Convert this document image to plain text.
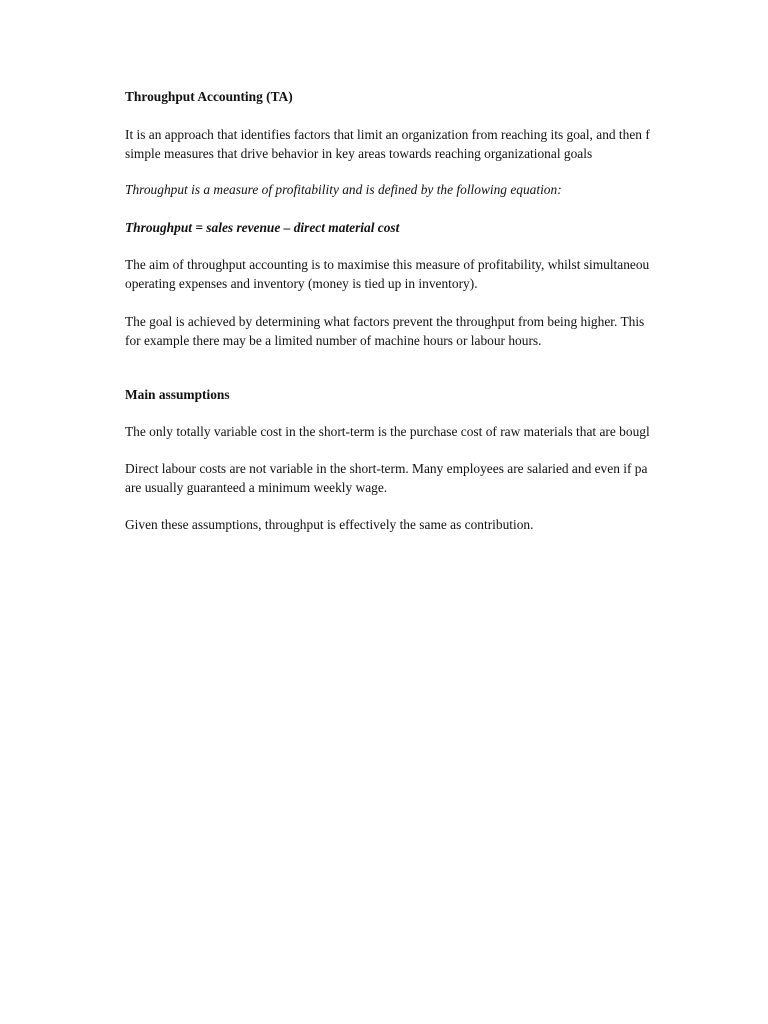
Throughput Accounting (TA)
It is an approach that identifies factors that limit an organization from reaching its goal, and then f
simple measures that drive behavior in key areas towards reaching organizational goals
Throughput is a measure of profitability and is defined by the following equation:
Throughput = sales revenue – direct material cost
The aim of throughput accounting is to maximise this measure of profitability, whilst simultaneou
operating expenses and inventory (money is tied up in inventory).
The goal is achieved by determining what factors prevent the throughput from being higher. This
for example there may be a limited number of machine hours or labour hours.
Main assumptions
The only totally variable cost in the short-term is the purchase cost of raw materials that are bougl
Direct labour costs are not variable in the short-term. Many employees are salaried and even if pa
are usually guaranteed a minimum weekly wage.
Given these assumptions, throughput is effectively the same as contribution.
